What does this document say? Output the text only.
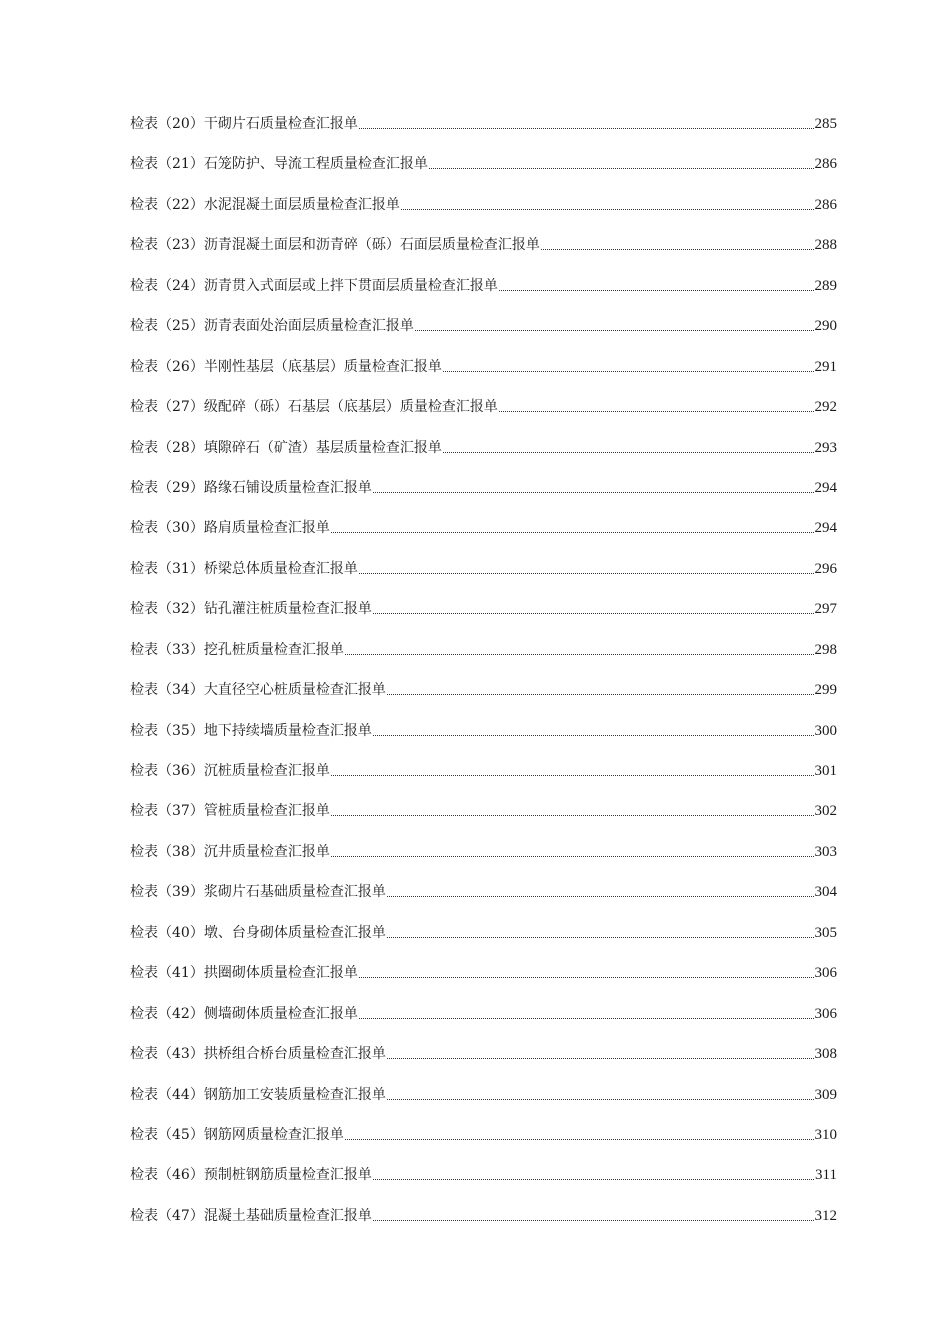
检表（20）干砌片石质量检查汇报单	285
检表（21）石笼防护、导流工程质量检查汇报单	286
检表（22）水泥混凝土面层质量检查汇报单	286
检表（23）沥青混凝土面层和沥青碎（砾）石面层质量检查汇报单	288
检表（24）沥青贯入式面层或上拌下贯面层质量检查汇报单	289
检表（25）沥青表面处治面层质量检查汇报单	290
检表（26）半刚性基层（底基层）质量检查汇报单	291
检表（27）级配碎（砾）石基层（底基层）质量检查汇报单	292
检表（28）填隙碎石（矿渣）基层质量检查汇报单	293
检表（29）路缘石铺设质量检查汇报单	294
检表（30）路肩质量检查汇报单	294
检表（31）桥梁总体质量检查汇报单	296
检表（32）钻孔灌注桩质量检查汇报单	297
检表（33）挖孔桩质量检查汇报单	298
检表（34）大直径空心桩质量检查汇报单	299
检表（35）地下持续墙质量检查汇报单	300
检表（36）沉桩质量检查汇报单	301
检表（37）管桩质量检查汇报单	302
检表（38）沉井质量检查汇报单	303
检表（39）浆砌片石基础质量检查汇报单	304
检表（40）墩、台身砌体质量检查汇报单	305
检表（41）拱圈砌体质量检查汇报单	306
检表（42）侧墙砌体质量检查汇报单	306
检表（43）拱桥组合桥台质量检查汇报单	308
检表（44）钢筋加工安装质量检查汇报单	309
检表（45）钢筋网质量检查汇报单	310
检表（46）预制桩钢筋质量检查汇报单	311
检表（47）混凝土基础质量检查汇报单	312
